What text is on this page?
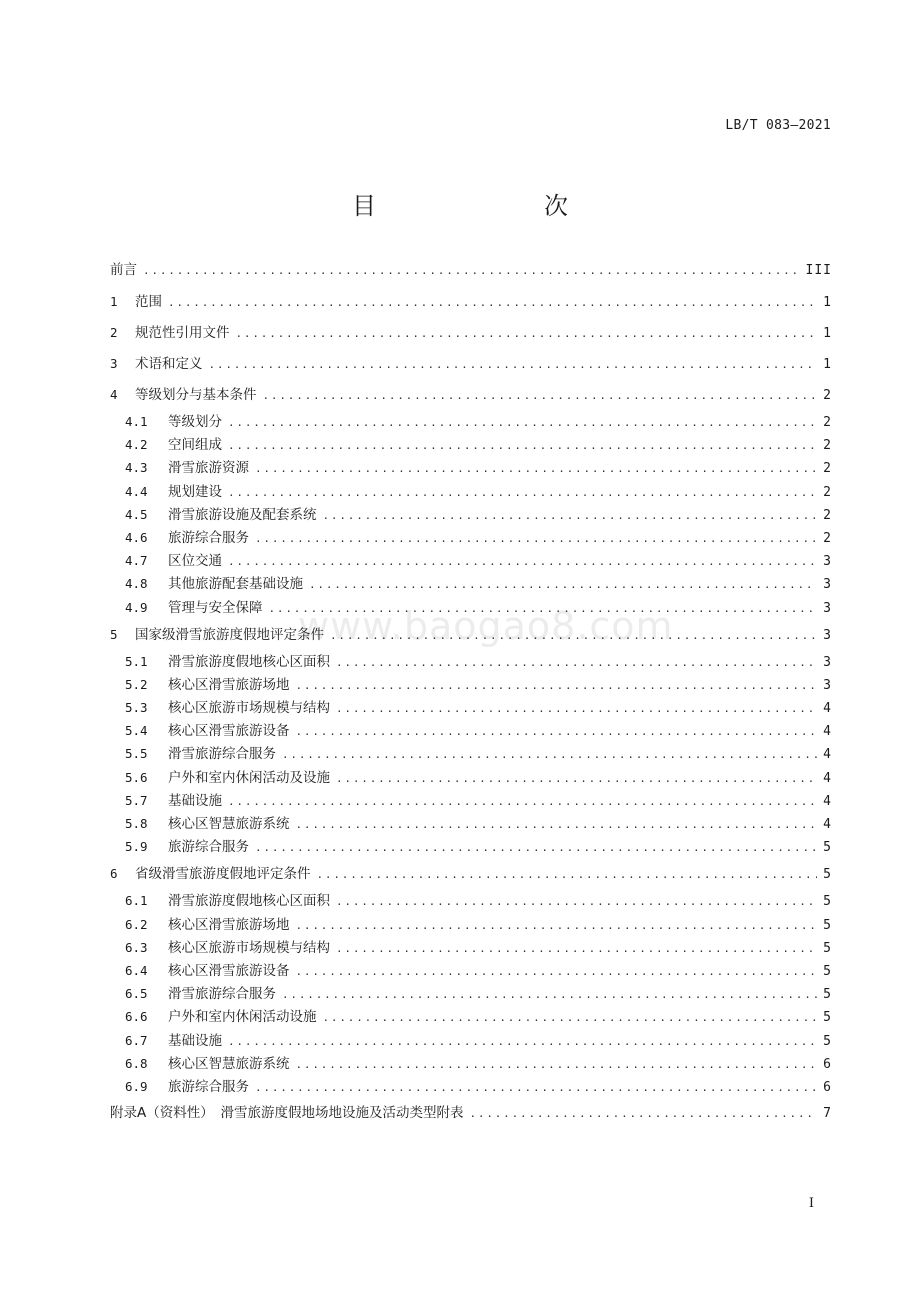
LB/T 083—2021
目　　次
www.baogao8.com
前言 .....	III
1	范围 .....	1
2	规范性引用文件 .....	1
3	术语和定义 .....	1
4	等级划分与基本条件 .....	2
4.1	等级划分 .....	2
4.2	空间组成 .....	2
4.3	滑雪旅游资源 .....	2
4.4	规划建设 .....	2
4.5	滑雪旅游设施及配套系统 .....	2
4.6	旅游综合服务 .....	2
4.7	区位交通 .....	3
4.8	其他旅游配套基础设施 .....	3
4.9	管理与安全保障 .....	3
5	国家级滑雪旅游度假地评定条件 .....	3
5.1	滑雪旅游度假地核心区面积 .....	3
5.2	核心区滑雪旅游场地 .....	3
5.3	核心区旅游市场规模与结构 .....	4
5.4	核心区滑雪旅游设备 .....	4
5.5	滑雪旅游综合服务 .....	4
5.6	户外和室内休闲活动及设施 .....	4
5.7	基础设施 .....	4
5.8	核心区智慧旅游系统 .....	4
5.9	旅游综合服务 .....	5
6	省级滑雪旅游度假地评定条件 .....	5
6.1	滑雪旅游度假地核心区面积 .....	5
6.2	核心区滑雪旅游场地 .....	5
6.3	核心区旅游市场规模与结构 .....	5
6.4	核心区滑雪旅游设备 .....	5
6.5	滑雪旅游综合服务 .....	5
6.6	户外和室内休闲活动设施 .....	5
6.7	基础设施 .....	5
6.8	核心区智慧旅游系统 .....	6
6.9	旅游综合服务 .....	6
附录A（资料性）　滑雪旅游度假地场地设施及活动类型附表 .....	7
I
